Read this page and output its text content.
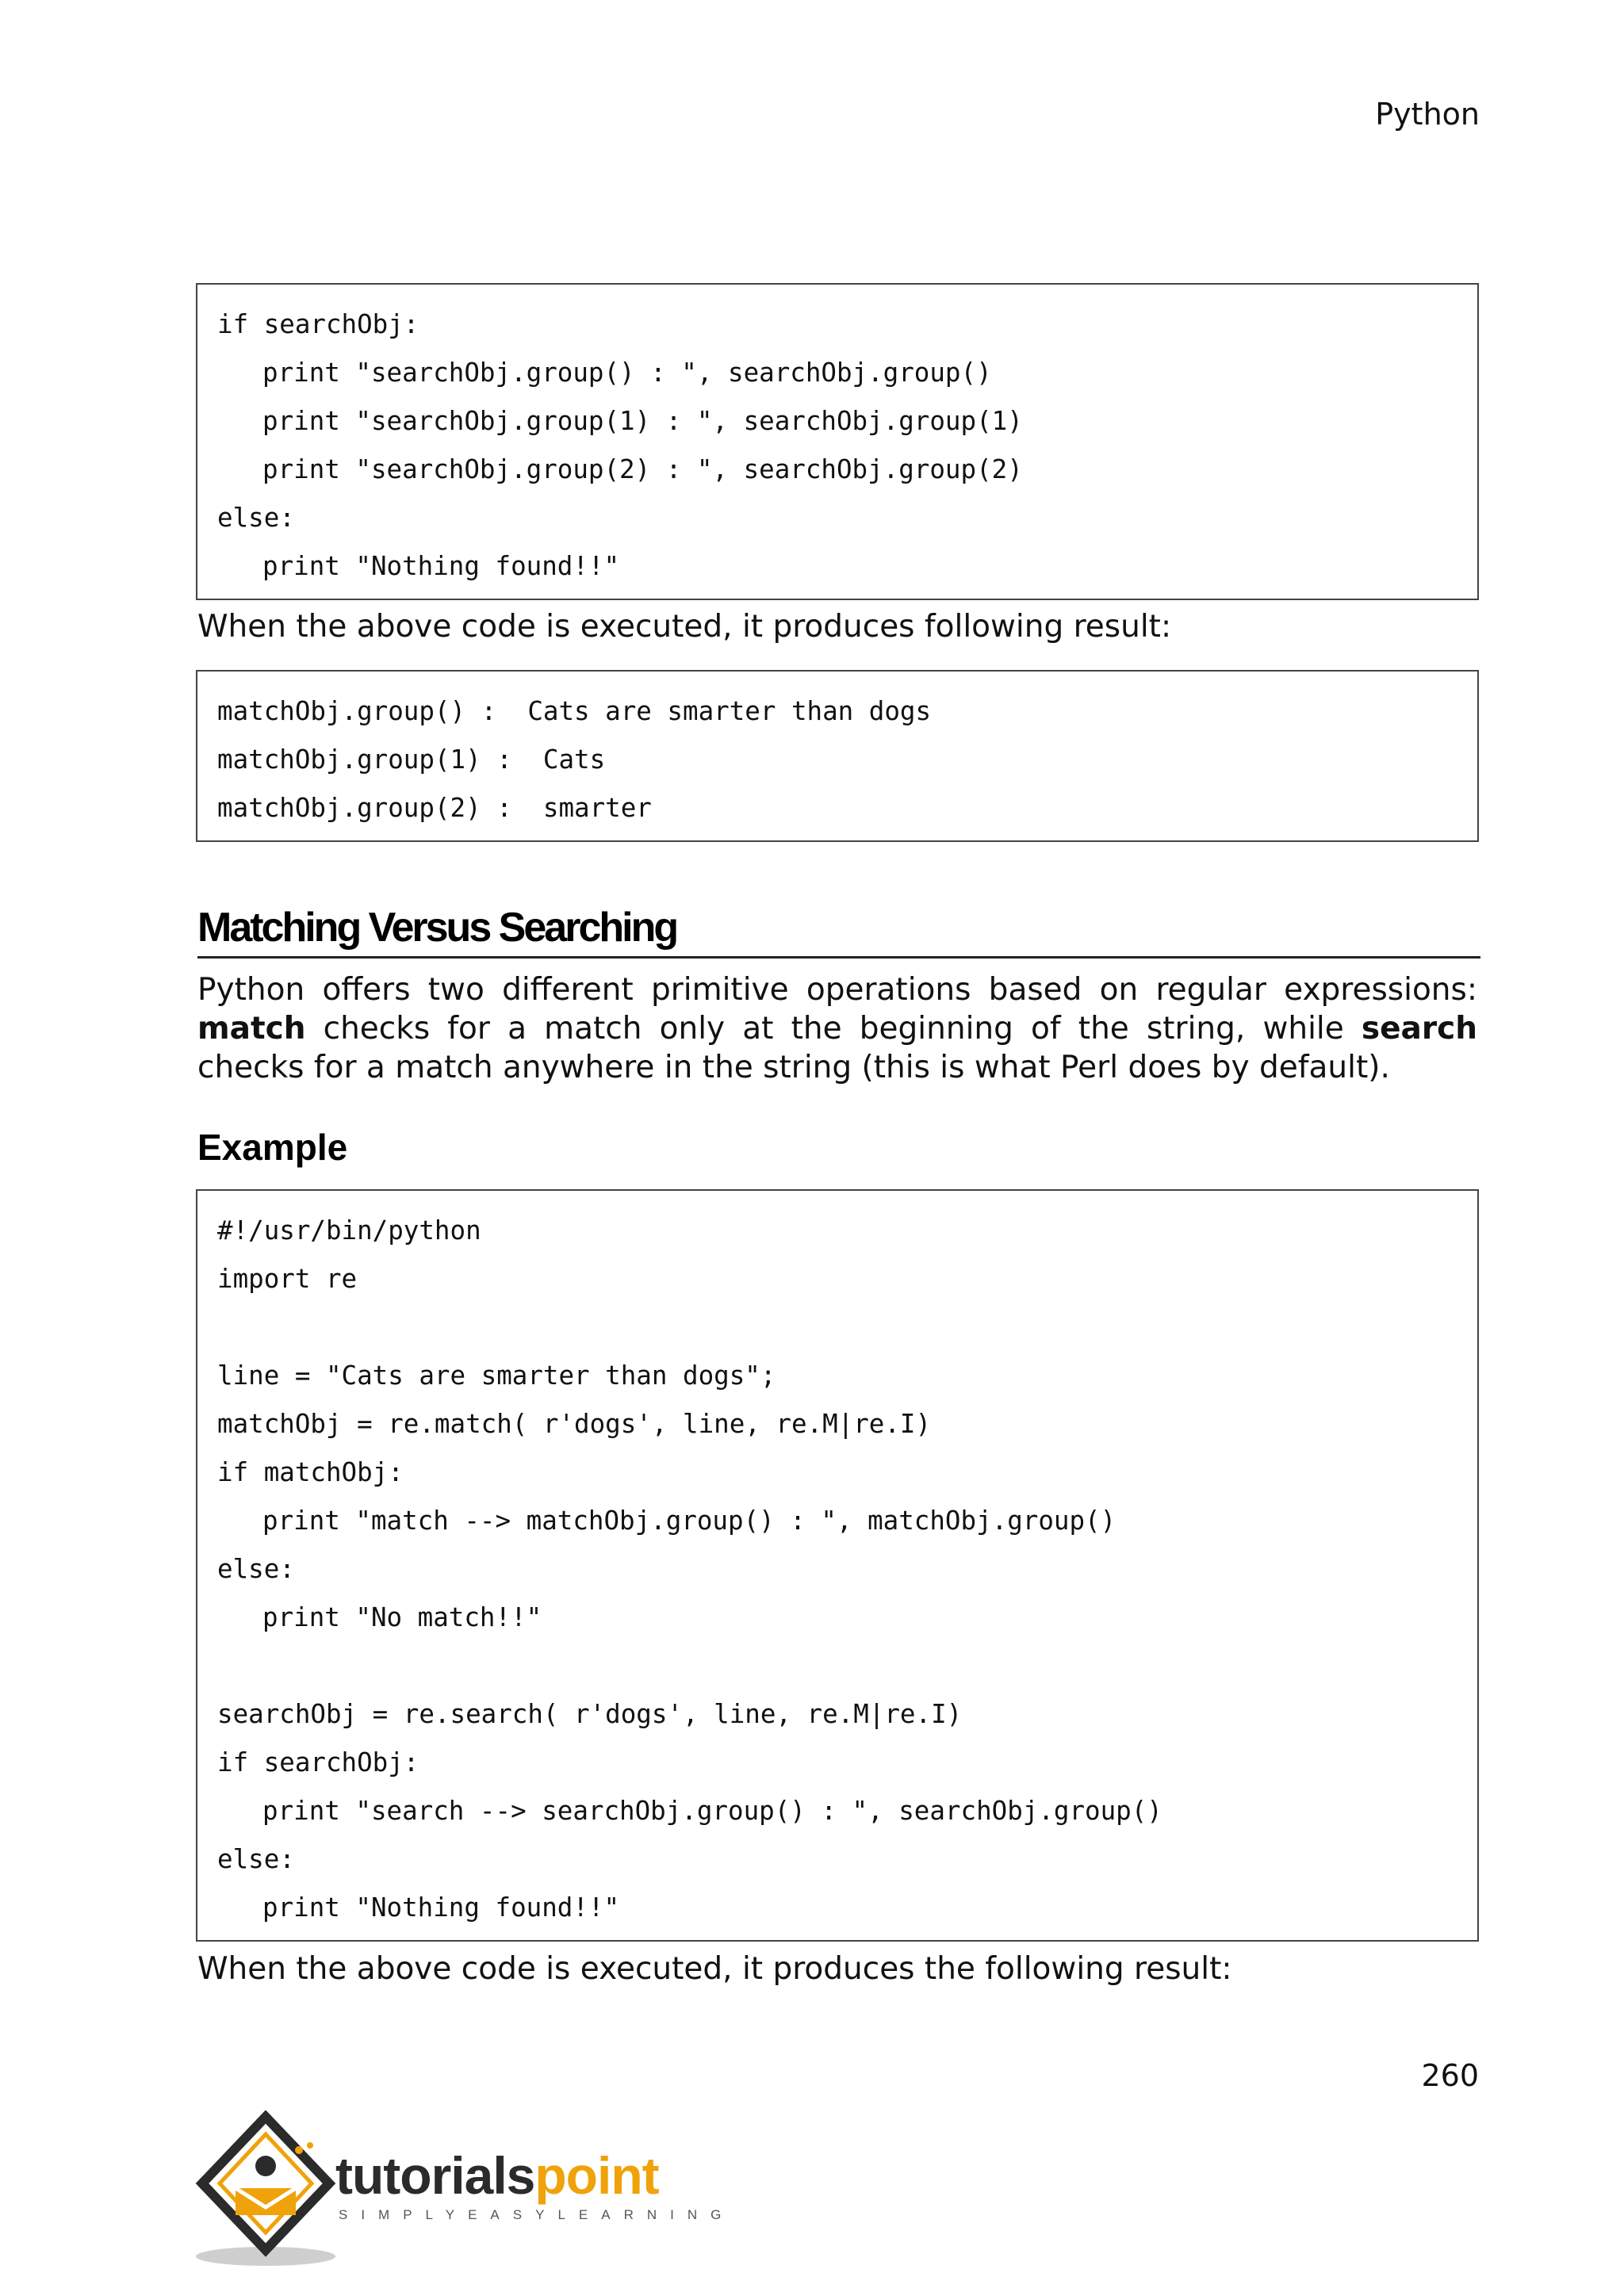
Python
if searchObj:
print "searchObj.group() : ", searchObj.group()
print "searchObj.group(1) : ", searchObj.group(1)
print "searchObj.group(2) : ", searchObj.group(2)
else:
print "Nothing found!!"
When the above code is executed, it produces following result:
matchObj.group() :  Cats are smarter than dogs
matchObj.group(1) :  Cats
matchObj.group(2) :  smarter
Matching Versus Searching
Python offers two different primitive operations based on regular expressions: match checks for a match only at the beginning of the string, while search checks for a match anywhere in the string (this is what Perl does by default).
Example
#!/usr/bin/python
import re
line = "Cats are smarter than dogs";
matchObj = re.match( r'dogs', line, re.M|re.I)
if matchObj:
print "match --> matchObj.group() : ", matchObj.group()
else:
print "No match!!"
searchObj = re.search( r'dogs', line, re.M|re.I)
if searchObj:
print "search --> searchObj.group() : ", searchObj.group()
else:
print "Nothing found!!"
When the above code is executed, it produces the following result:
260
tutorialspoint
SIMPLYEASYLEARNING
